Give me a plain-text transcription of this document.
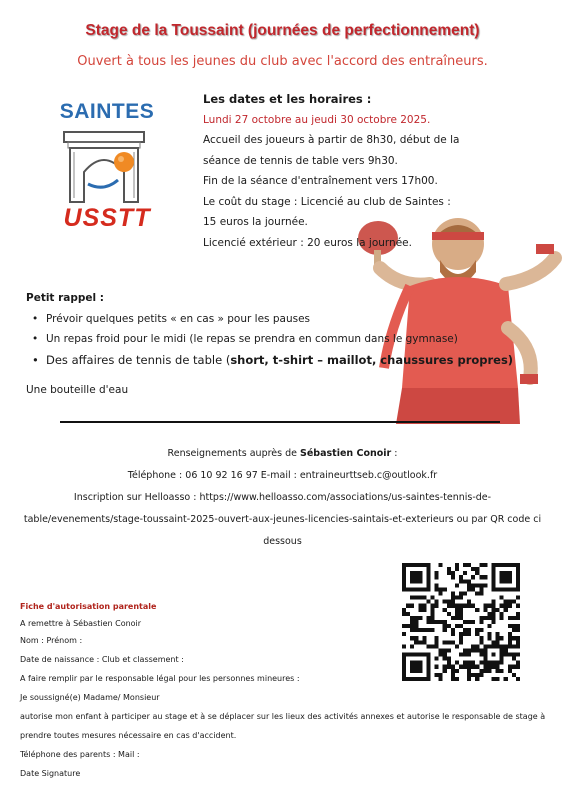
Stage de la Toussaint (journées de perfectionnement)
Ouvert à tous les jeunes du club avec l'accord des entraîneurs.
SAINTES
USSTT
Les dates et les horaires :
Lundi 27 octobre au jeudi 30 octobre 2025.
Accueil des joueurs à partir de 8h30, début de la
séance de tennis de table vers 9h30.
Fin de la séance d'entraînement vers 17h00.
Le coût du stage : Licencié au club de Saintes :
15 euros la journée.
Licencié extérieur : 20 euros la journée.
Petit rappel :
• Prévoir quelques petits « en cas » pour les pauses
• Un repas froid pour le midi (le repas se prendra en commun dans le gymnase)
• Des affaires de tennis de table (short, t-shirt – maillot, chaussures propres)
Une bouteille d'eau
Renseignements auprès de Sébastien Conoir :
Téléphone : 06 10 92 16 97 E-mail : entraineurttseb.c@outlook.fr
Inscription sur Helloasso : https://www.helloasso.com/associations/us-saintes-tennis-de-
table/evenements/stage-toussaint-2025-ouvert-aux-jeunes-licencies-saintais-et-exterieurs ou par QR code ci
dessous
Fiche d'autorisation parentale
A remettre à Sébastien Conoir
Nom : Prénom :
Date de naissance : Club et classement :
A faire remplir par le responsable légal pour les personnes mineures :
Je soussigné(e) Madame/ Monsieur
autorise mon enfant à participer au stage et à se déplacer sur les lieux des activités annexes et autorise le responsable de stage à
prendre toutes mesures nécessaire en cas d'accident.
Téléphone des parents : Mail :
Date Signature
